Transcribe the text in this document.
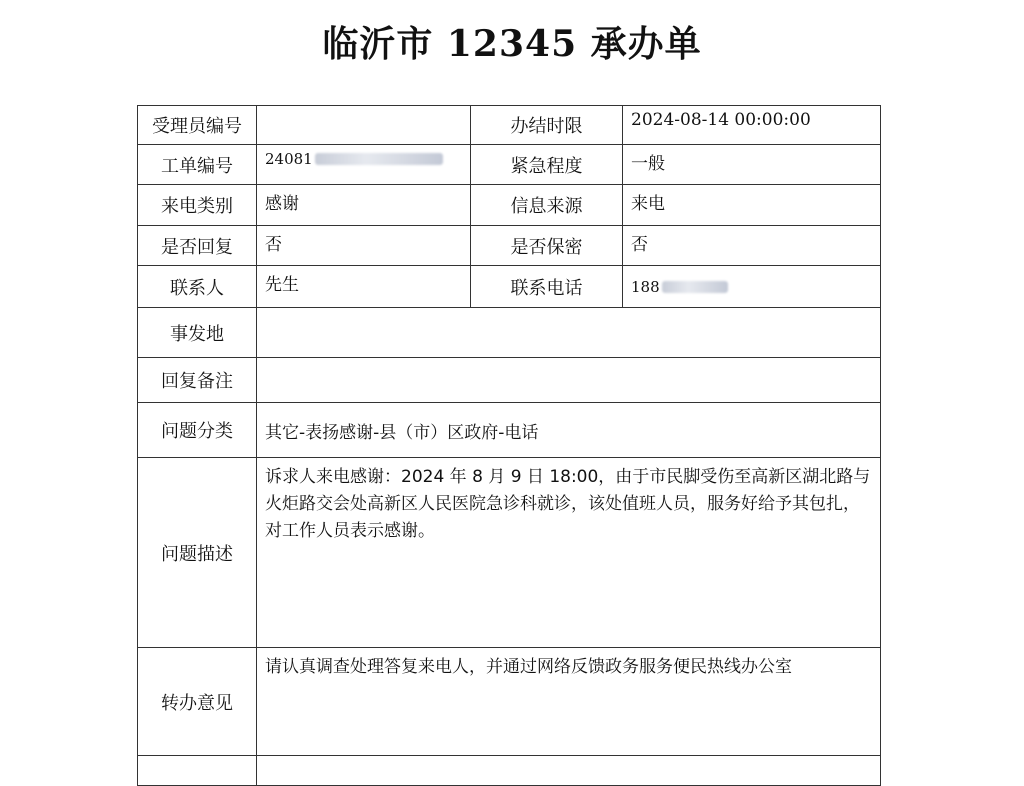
临沂市 12345 承办单
受理员编号		办结时限	2024-08-14 00:00:00
工单编号	24081	紧急程度	一般
来电类别	感谢	信息来源	来电
是否回复	否	是否保密	否
联系人	先生	联系电话	188
事发地			
回复备注			
问题分类	其它-表扬感谢-县（市）区政府-电话		
问题描述	诉求人来电感谢：2024 年 8 月 9 日 18:00，由于市民脚受伤至高新区湖北路与火炬路交会处高新区人民医院急诊科就诊，该处值班人员，服务好给予其包扎，对工作人员表示感谢。		

转办意见	请认真调查处理答复来电人，并通过网络反馈政务服务便民热线办公室		
